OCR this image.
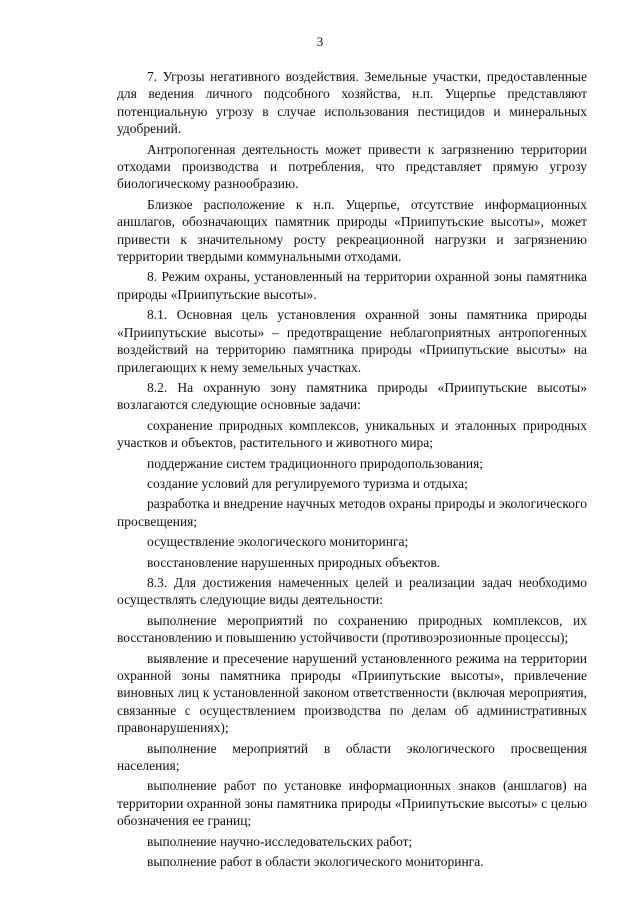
3

7. Угрозы негативного воздействия. Земельные участки, предоставленные для ведения личного подсобного хозяйства, н.п. Ущерпье представляют потенциальную угрозу в случае использования пестицидов и минеральных удобрений.

Антропогенная деятельность может привести к загрязнению территории отходами производства и потребления, что представляет прямую угрозу биологическому разнообразию.

Близкое расположение к н.п. Ущерпье, отсутствие информационных аншлагов, обозначающих памятник природы «Приипутьские высоты», может привести к значительному росту рекреационной нагрузки и загрязнению территории твердыми коммунальными отходами.

8. Режим охраны, установленный на территории охранной зоны памятника природы «Приипутьские высоты».

8.1. Основная цель установления охранной зоны памятника природы «Приипутьские высоты» – предотвращение неблагоприятных антропогенных воздействий на территорию памятника природы «Приипутьские высоты» на прилегающих к нему земельных участках.

8.2. На охранную зону памятника природы «Приипутьские высоты» возлагаются следующие основные задачи:

сохранение природных комплексов, уникальных и эталонных природных участков и объектов, растительного и животного мира;

поддержание систем традиционного природопользования;

создание условий для регулируемого туризма и отдыха;

разработка и внедрение научных методов охраны природы и экологического просвещения;

осуществление экологического мониторинга;

восстановление нарушенных природных объектов.

8.3. Для достижения намеченных целей и реализации задач необходимо осуществлять следующие виды деятельности:

выполнение мероприятий по сохранению природных комплексов, их восстановлению и повышению устойчивости (противоэрозионные процессы);

выявление и пресечение нарушений установленного режима на территории охранной зоны памятника природы «Приипутьские высоты», привлечение виновных лиц к установленной законом ответственности (включая мероприятия, связанные с осуществлением производства по делам об административных правонарушениях);

выполнение мероприятий в области экологического просвещения населения;

выполнение работ по установке информационных знаков (аншлагов) на территории охранной зоны памятника природы «Приипутьские высоты» с целью обозначения ее границ;

выполнение научно-исследовательских работ;

выполнение работ в области экологического мониторинга.
